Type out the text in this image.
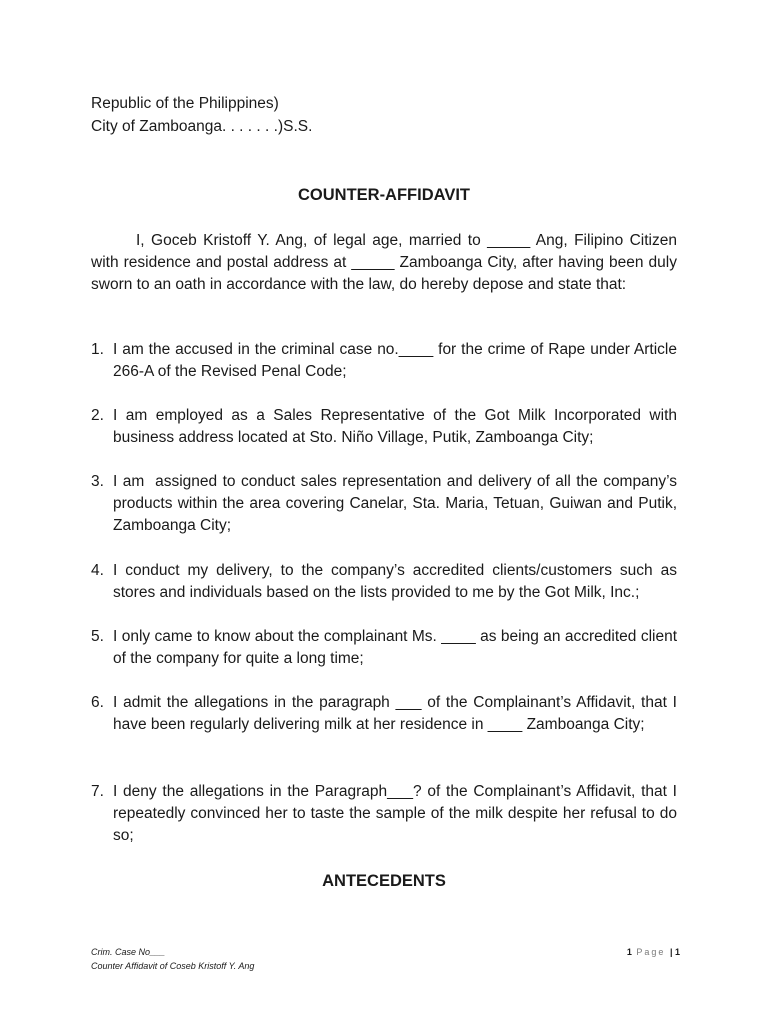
Republic of the Philippines)
City of Zamboanga. . . . . . .)S.S.
COUNTER-AFFIDAVIT
I, Goceb Kristoff Y. Ang, of legal age, married to _____ Ang, Filipino Citizen with residence and postal address at _____ Zamboanga City, after having been duly sworn to an oath in accordance with the law, do hereby depose and state that:
1. I am the accused in the criminal case no.____ for the crime of Rape under Article 266-A of the Revised Penal Code;
2. I am employed as a Sales Representative of the Got Milk Incorporated with business address located at Sto. Niño Village, Putik, Zamboanga City;
3. I am  assigned to conduct sales representation and delivery of all the company’s products within the area covering Canelar, Sta. Maria, Tetuan, Guiwan and Putik, Zamboanga City;
4. I conduct my delivery, to the company’s accredited clients/customers such as stores and individuals based on the lists provided to me by the Got Milk, Inc.;
5. I only came to know about the complainant Ms. ____ as being an accredited client of the company for quite a long time;
6. I admit the allegations in the paragraph ___ of the Complainant’s Affidavit, that I have been regularly delivering milk at her residence in ____ Zamboanga City;
7. I deny the allegations in the Paragraph___? of the Complainant’s Affidavit, that I repeatedly convinced her to taste the sample of the milk despite her refusal to do so;
ANTECEDENTS
Crim. Case No___
Counter Affidavit of Coseb Kristoff Y. Ang
1 Page | 1
